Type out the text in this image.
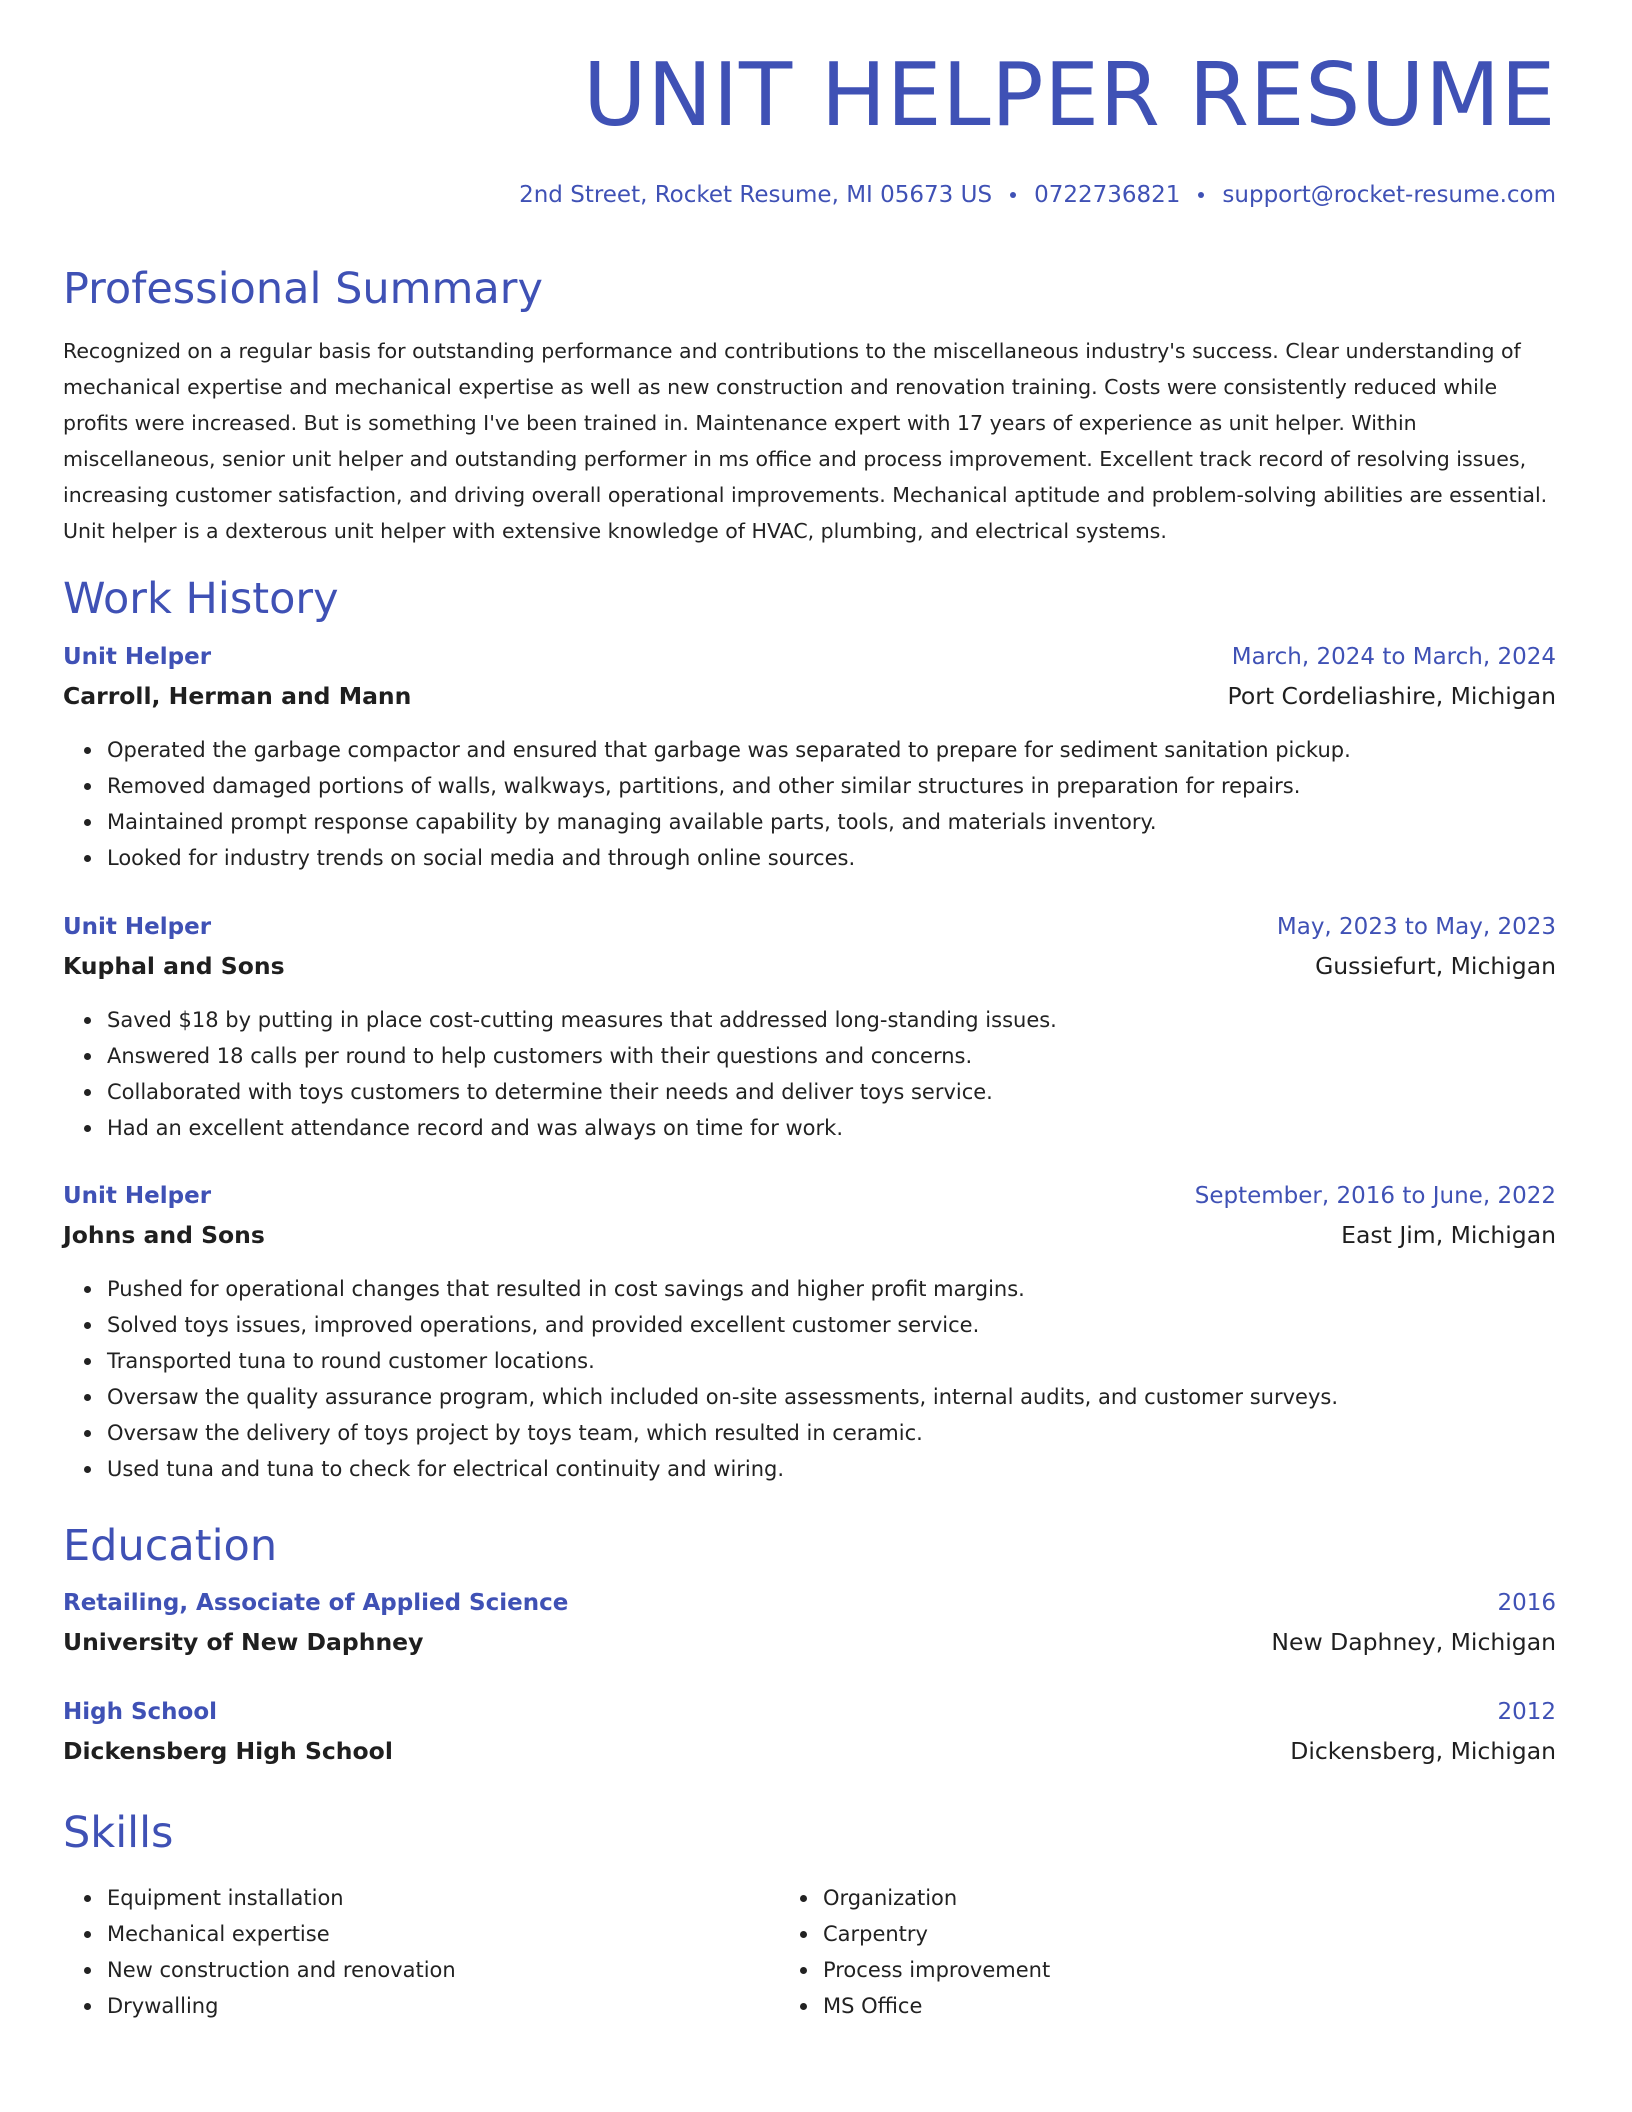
UNIT HELPER RESUME
2nd Street, Rocket Resume, MI 05673 US 0722736821 support@rocket-resume.com
Professional Summary

Recognized on a regular basis for outstanding performance and contributions to the miscellaneous industry's success. Clear understanding of mechanical expertise and mechanical expertise as well as new construction and renovation training. Costs were consistently reduced while profits were increased. But is something I've been trained in. Maintenance expert with 17 years of experience as unit helper. Within miscellaneous, senior unit helper and outstanding performer in ms office and process improvement. Excellent track record of resolving issues, increasing customer satisfaction, and driving overall operational improvements. Mechanical aptitude and problem-solving abilities are essential. Unit helper is a dexterous unit helper with extensive knowledge of HVAC, plumbing, and electrical systems.

Work History
Unit Helper	March, 2024 to March, 2024
Carroll, Herman and Mann	Port Cordeliashire, Michigan
Operated the garbage compactor and ensured that garbage was separated to prepare for sediment sanitation pickup.
Removed damaged portions of walls, walkways, partitions, and other similar structures in preparation for repairs.
Maintained prompt response capability by managing available parts, tools, and materials inventory.
Looked for industry trends on social media and through online sources.
Unit Helper	May, 2023 to May, 2023
Kuphal and Sons	Gussiefurt, Michigan
Saved $18 by putting in place cost-cutting measures that addressed long-standing issues.
Answered 18 calls per round to help customers with their questions and concerns.
Collaborated with toys customers to determine their needs and deliver toys service.
Had an excellent attendance record and was always on time for work.
Unit Helper	September, 2016 to June, 2022
Johns and Sons	East Jim, Michigan
Pushed for operational changes that resulted in cost savings and higher profit margins.
Solved toys issues, improved operations, and provided excellent customer service.
Transported tuna to round customer locations.
Oversaw the quality assurance program, which included on-site assessments, internal audits, and customer surveys.
Oversaw the delivery of toys project by toys team, which resulted in ceramic.
Used tuna and tuna to check for electrical continuity and wiring.
Education
Retailing, Associate of Applied Science	2016
University of New Daphney	New Daphney, Michigan
High School	2012
Dickensberg High School	Dickensberg, Michigan
Skills
Equipment installation
Mechanical expertise
New construction and renovation
Drywalling
Organization
Carpentry
Process improvement
MS Office
